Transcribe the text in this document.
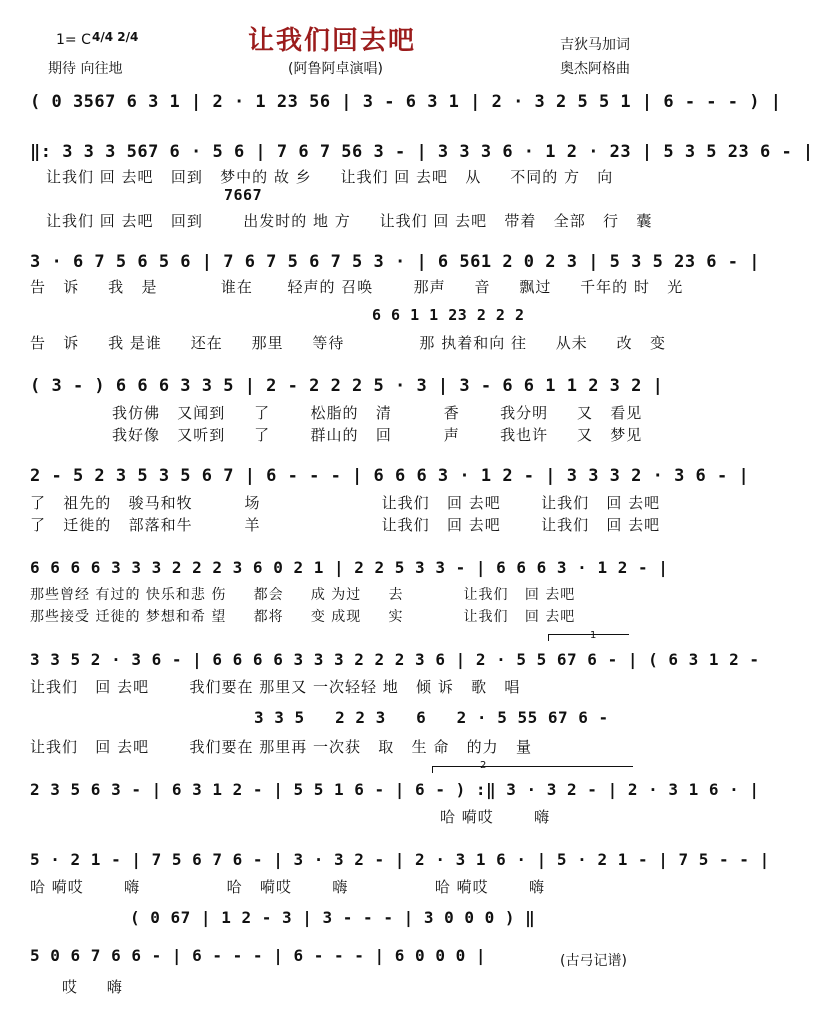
1= C 4/4 2/4	让我们回去吧	吉狄马加词
期待 向往地	(阿鲁阿卓演唱)	奥杰阿格曲
( 0 3567 6 3 1 | 2 · 1 23 56 | 3 - 6 3 1 | 2 · 3 2 5 5 1 | 6 - - - ) |
‖: 3 3 3 567 6 · 5 6 | 7 6 7 56 3 - | 3 3 3 6 · 1 2 · 23 | 5 3 5 23 6 - |
让我们 回 去吧   回到   梦中的 故 乡     让我们 回 去吧   从     不同的 方   向
7667
让我们 回 去吧   回到       出发时的 地 方     让我们 回 去吧   带着   全部   行   囊
3 · 6 7 5 6 5 6 | 7 6 7 5 6 7 5 3 · | 6 561 2 0 2 3 | 5 3 5 23 6 - |
告   诉     我   是           谁在      轻声的 召唤       那声     音     飘过     千年的 时   光
6 6 1 1 23 2 2 2
告   诉     我 是谁     还在     那里     等待             那 执着和向 往     从未     改   变
( 3 - ) 6 6 6 3 3 5 | 2 - 2 2 2 5 · 3 | 3 - 6 6 1 1 2 3 2 |
我仿佛   又闻到     了       松脂的   清         香       我分明     又   看见
我好像   又听到     了       群山的   回         声       我也许     又   梦见
2 - 5 2 3 5 3 5 6 7 | 6 - - - | 6 6 6 3 · 1 2 - | 3 3 3 2 · 3 6 - |
了   祖先的   骏马和牧         场                     让我们   回 去吧       让我们   回 去吧
了   迁徙的   部落和牛         羊                     让我们   回 去吧       让我们   回 去吧
6 6 6 6 3 3 3 2 2 2 3 6 0 2 1 | 2 2 5 3 3 - | 6 6 6 3 · 1 2 - |
那些曾经 有过的 快乐和悲 伤     都会     成 为过     去           让我们   回 去吧
那些接受 迁徙的 梦想和希 望     都将     变 成现     实           让我们   回 去吧
1
3 3 5 2 · 3 6 - | 6 6 6 6 3 3 3 2 2 2 3 6 | 2 · 5 5 67 6 - | ( 6 3 1 2 -
让我们   回 去吧       我们要在 那里又 一次轻轻 地   倾 诉   歌   唱
3 3 5   2 2 3   6   2 · 5 55 67 6 -
让我们   回 去吧       我们要在 那里再 一次获   取   生 命   的力   量
2
2 3 5 6 3 - | 6 3 1 2 - | 5 5 1 6 - | 6 - ) :‖ 3 · 3 2 - | 2 · 3 1 6 · |
哈 嗬哎       嗨
5 · 2 1 - | 7 5 6 7 6 - | 3 · 3 2 - | 2 · 3 1 6 · | 5 · 2 1 - | 7 5 - - |
哈 嗬哎       嗨               哈   嗬哎       嗨               哈 嗬哎       嗨
( 0 67 | 1 2 - 3 | 3 - - - | 3 0 0 0 ) ‖
5 0 6 7 6 6 - | 6 - - - | 6 - - - | 6 0 0 0 |
哎     嗨
(古弓记谱)
